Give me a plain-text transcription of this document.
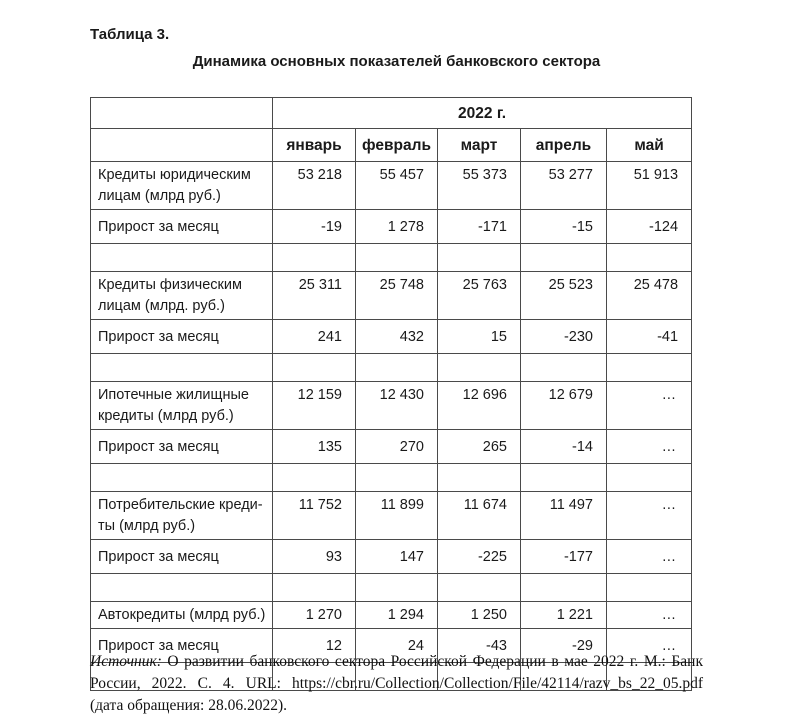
Таблица 3.
Динамика основных показателей банковского сектора
	2022 г.				
	январь	февраль	март	апрель	май
Кредиты юридическим лицам (млрд руб.)	53 218	55 457	55 373	53 277	51 913
Прирост за месяц	-19	1 278	-171	-15	-124

Кредиты физическим лицам (млрд. руб.)	25 311	25 748	25 763	25 523	25 478
Прирост за месяц	241	432	15	-230	-41

Ипотечные жилищные кредиты (млрд руб.)	12 159	12 430	12 696	12 679	…
Прирост за месяц	135	270	265	-14	…

Потребительские кредиты (млрд руб.)	11 752	11 899	11 674	11 497	…
Прирост за месяц	93	147	-225	-177	…

Автокредиты (млрд руб.)	1 270	1 294	1 250	1 221	…
Прирост за месяц	12	24	-43	-29	…

Источник: О развитии банковского сектора Российской Федерации в мае 2022 г. М.: Банк России, 2022. С. 4. URL: https://cbr.ru/Collection/Collection/File/42114/razv_bs_22_05.pdf (дата обращения: 28.06.2022).
